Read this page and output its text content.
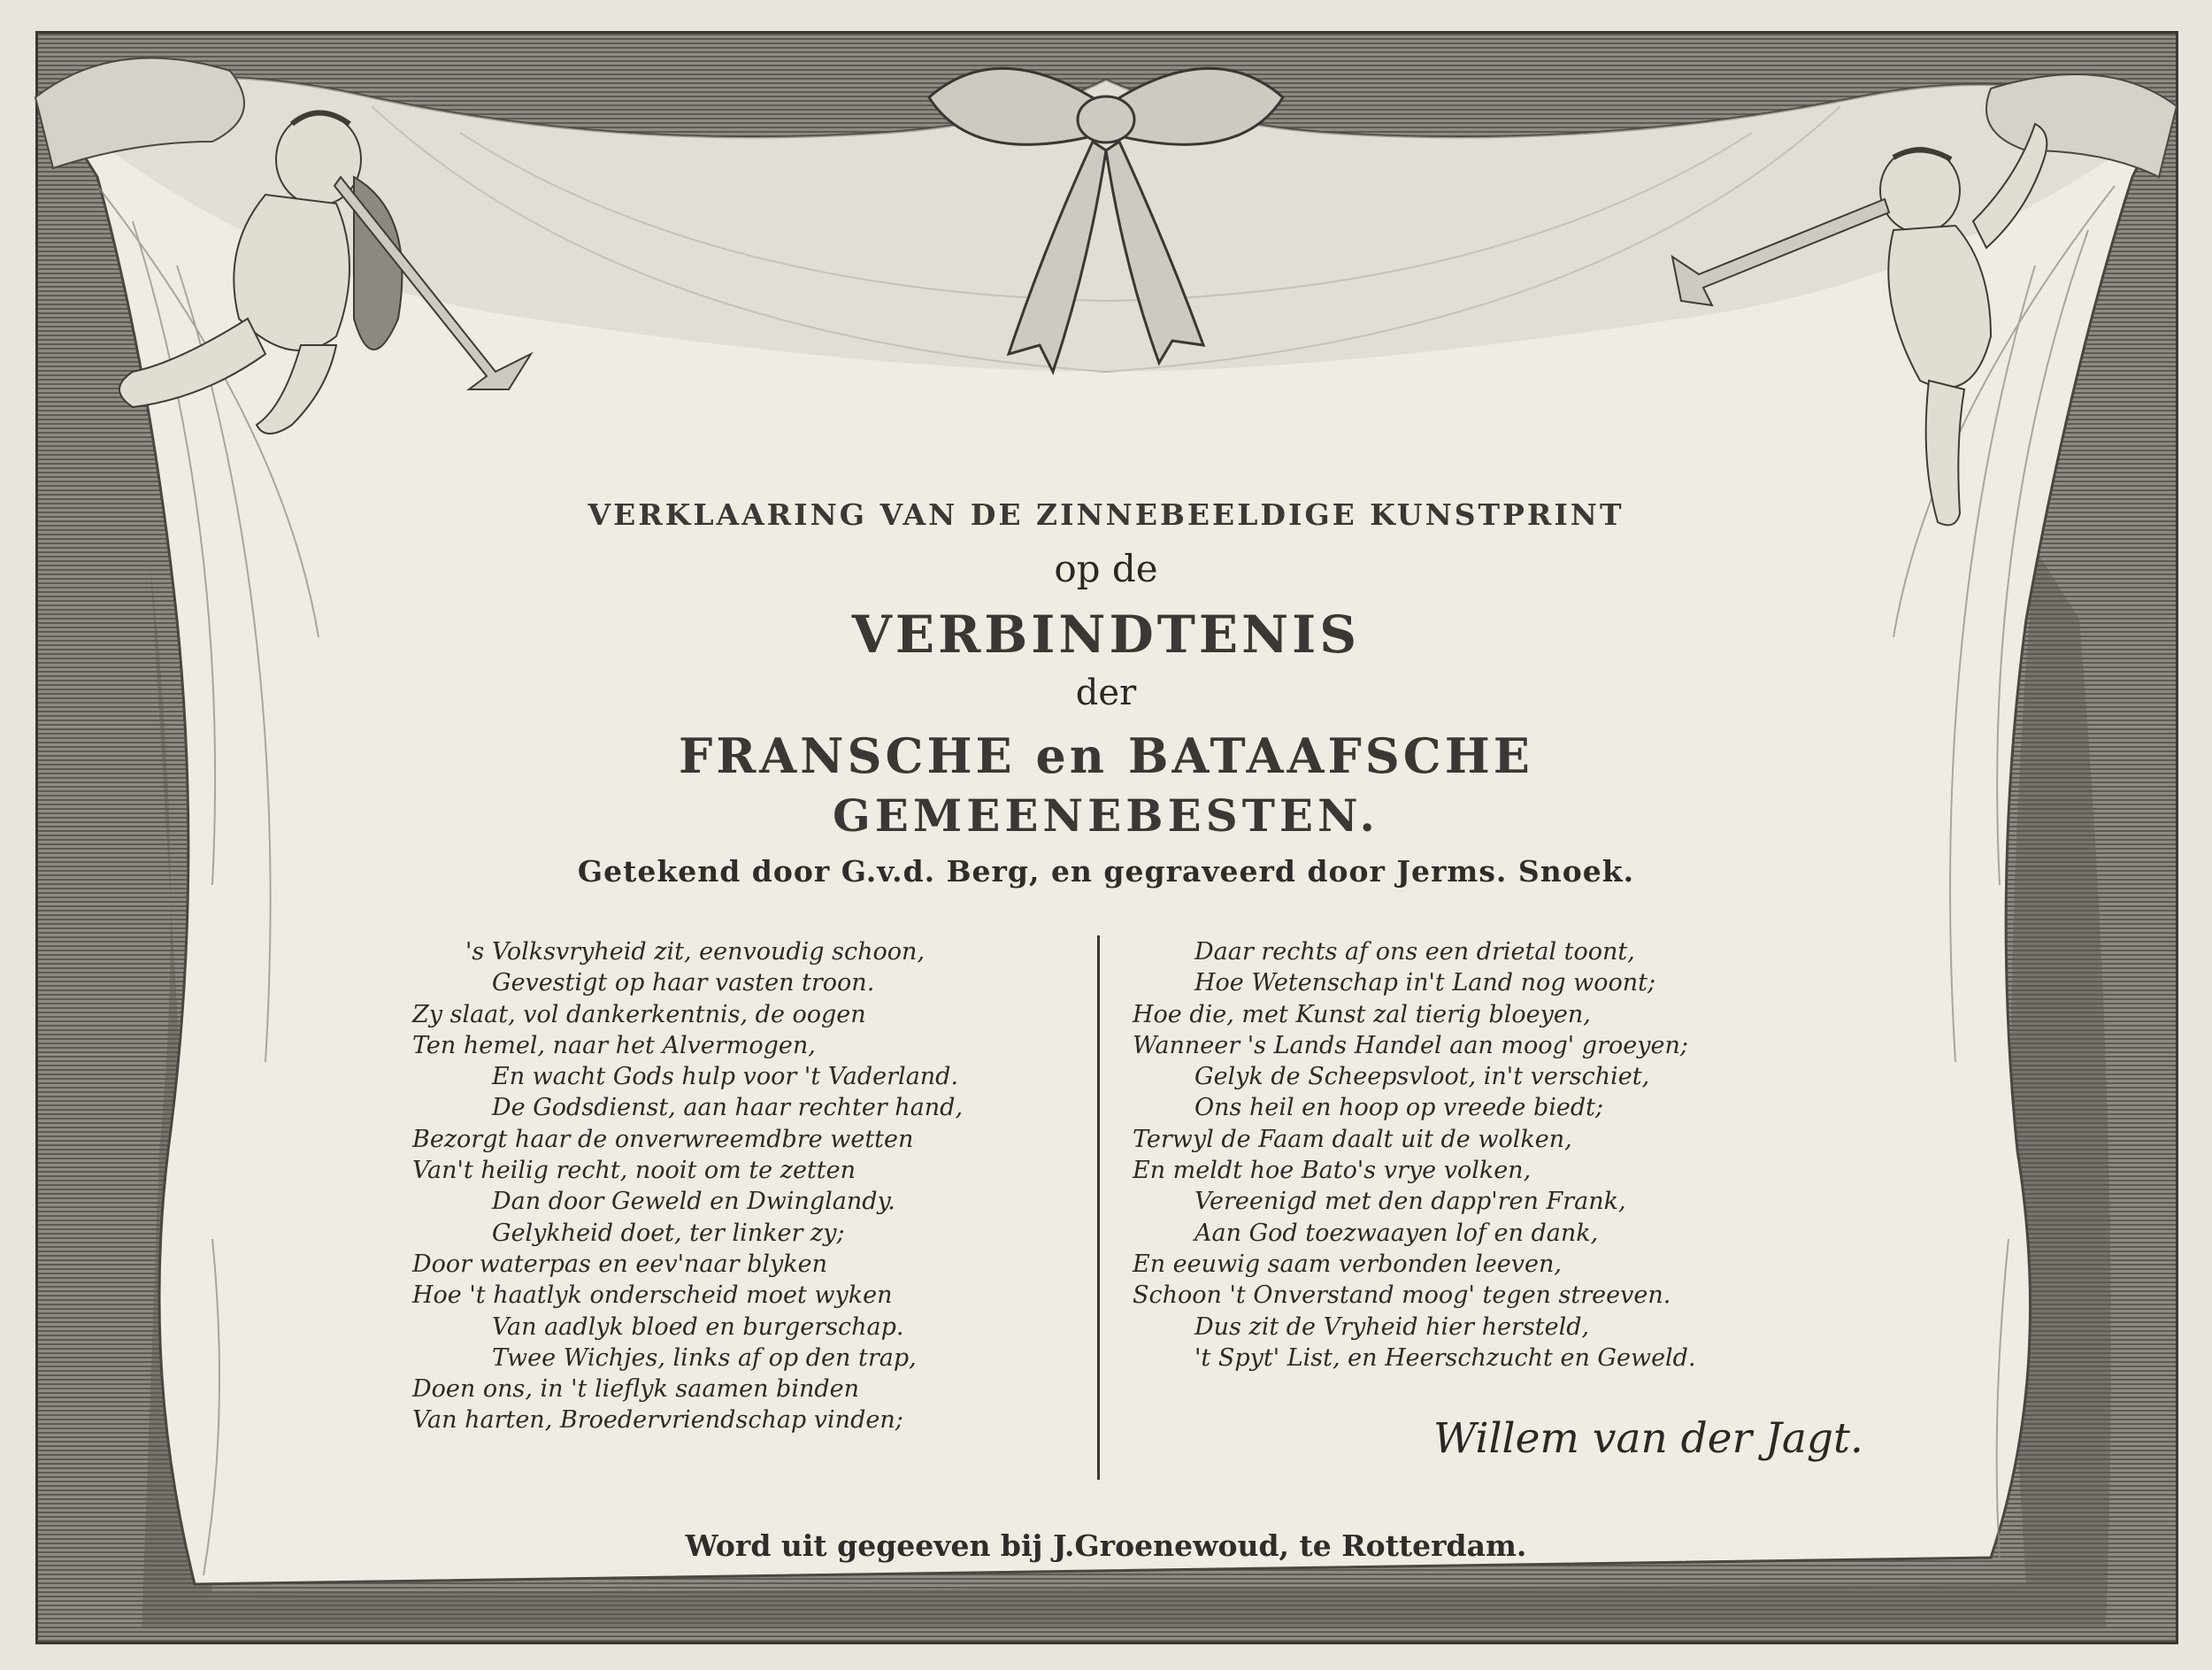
VERKLAARING VAN DE ZINNEBEELDIGE KUNSTPRINT
op de
VERBINDTENIS
der
FRANSCHE en BATAAFSCHE
GEMEENEBESTEN.
Getekend door G.v.d. Berg, en gegraveerd door Jerms. Snoek.
's Volksvryheid zit, eenvoudig schoon,
Gevestigt op haar vasten troon.
Zy slaat, vol dankerkentnis, de oogen
Ten hemel, naar het Alvermogen,
En wacht Gods hulp voor 't Vaderland.
De Godsdienst, aan haar rechter hand,
Bezorgt haar de onverwreemdbre wetten
Van't heilig recht, nooit om te zetten
Dan door Geweld en Dwinglandy.
Gelykheid doet, ter linker zy;
Door waterpas en eev'naar blyken
Hoe 't haatlyk onderscheid moet wyken
Van aadlyk bloed en burgerschap.
Twee Wichjes, links af op den trap,
Doen ons, in 't lieflyk saamen binden
Van harten, Broedervriendschap vinden;
Daar rechts af ons een drietal toont,
Hoe Wetenschap in't Land nog woont;
Hoe die, met Kunst zal tierig bloeyen,
Wanneer 's Lands Handel aan moog' groeyen;
Gelyk de Scheepsvloot, in't verschiet,
Ons heil en hoop op vreede biedt;
Terwyl de Faam daalt uit de wolken,
En meldt hoe Bato's vrye volken,
Vereenigd met den dapp'ren Frank,
Aan God toezwaayen lof en dank,
En eeuwig saam verbonden leeven,
Schoon 't Onverstand moog' tegen streeven.
Dus zit de Vryheid hier hersteld,
't Spyt' List, en Heerschzucht en Geweld.
Willem van der Jagt.
Word uit gegeeven bij J.Groenewoud, te Rotterdam.
